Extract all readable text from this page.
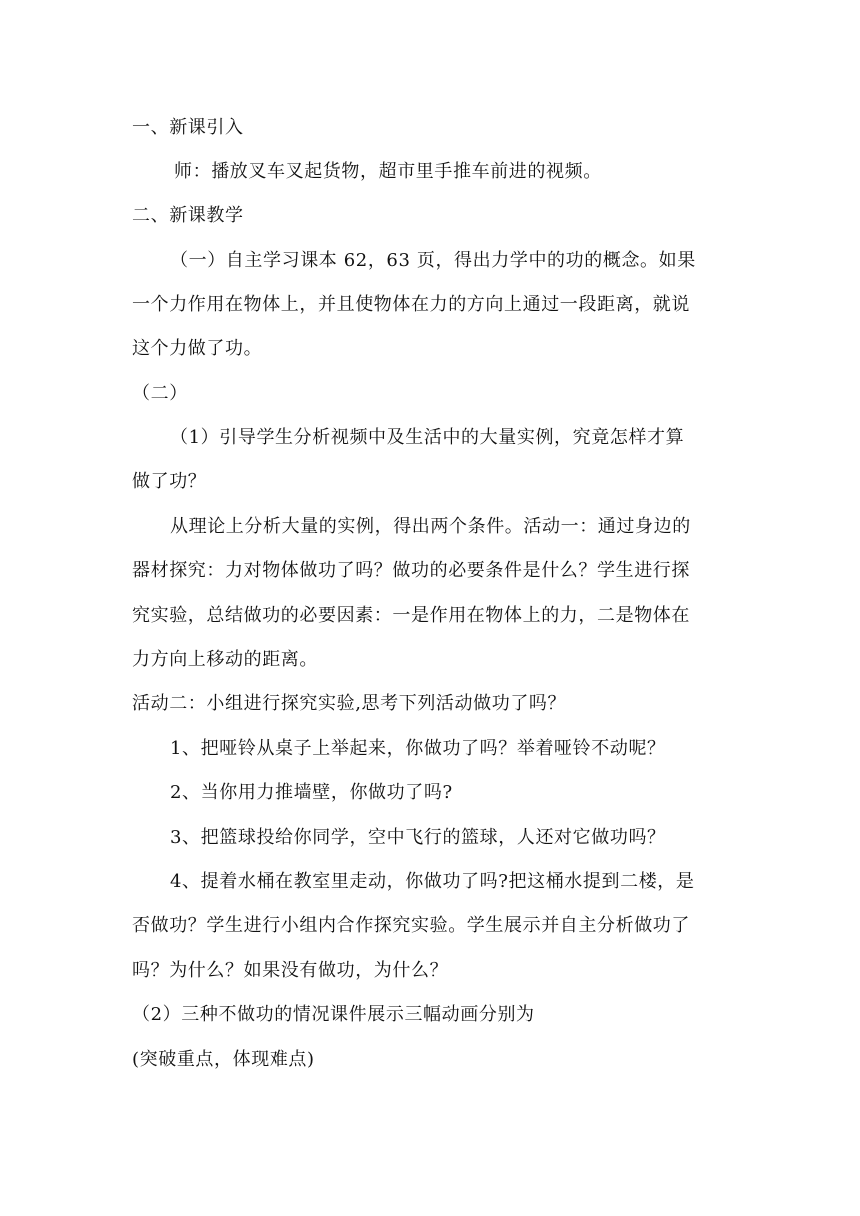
一、新课引入
师：播放叉车叉起货物，超市里手推车前进的视频。
二、新课教学
（一）自主学习课本 62，63 页，得出力学中的功的概念。如果
一个力作用在物体上，并且使物体在力的方向上通过一段距离，就说
这个力做了功。
（二）
（1）引导学生分析视频中及生活中的大量实例，究竟怎样才算
做了功？
从理论上分析大量的实例，得出两个条件。活动一：通过身边的
器材探究：力对物体做功了吗？做功的必要条件是什么？学生进行探
究实验，总结做功的必要因素：一是作用在物体上的力，二是物体在
力方向上移动的距离。
活动二：小组进行探究实验,思考下列活动做功了吗？
1、把哑铃从桌子上举起来，你做功了吗？举着哑铃不动呢？
2、当你用力推墙壁，你做功了吗?
3、把篮球投给你同学，空中飞行的篮球，人还对它做功吗？
4、提着水桶在教室里走动，你做功了吗?把这桶水提到二楼，是
否做功？学生进行小组内合作探究实验。学生展示并自主分析做功了
吗？为什么？如果没有做功，为什么？
（2）三种不做功的情况课件展示三幅动画分别为
(突破重点，体现难点)
